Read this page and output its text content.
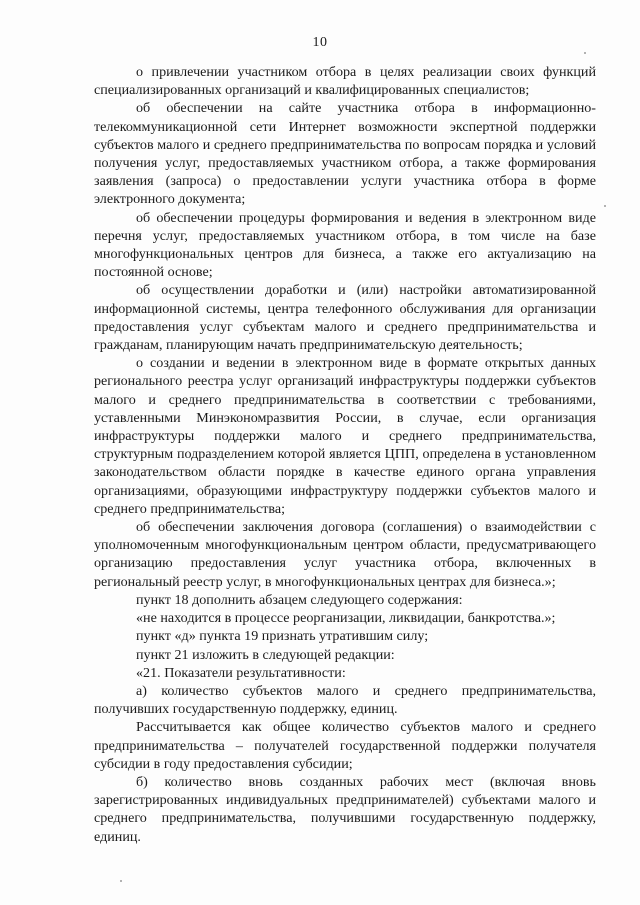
10

о привлечении участником отбора в целях реализации своих функций специализированных организаций и квалифицированных специалистов;

об обеспечении на сайте участника отбора в информационно-телекоммуникационной сети Интернет возможности экспертной поддержки субъектов малого и среднего предпринимательства по вопросам порядка и условий получения услуг, предоставляемых участником отбора, а также формирования заявления (запроса) о предоставлении услуги участника отбора в форме электронного документа;

об обеспечении процедуры формирования и ведения в электронном виде перечня услуг, предоставляемых участником отбора, в том числе на базе многофункциональных центров для бизнеса, а также его актуализацию на постоянной основе;

об осуществлении доработки и (или) настройки автоматизированной информационной системы, центра телефонного обслуживания для организации предоставления услуг субъектам малого и среднего предпринимательства и гражданам, планирующим начать предпринимательскую деятельность;

о создании и ведении в электронном виде в формате открытых данных регионального реестра услуг организаций инфраструктуры поддержки субъектов малого и среднего предпринимательства в соответствии с требованиями, уставленными Минэкономразвития России, в случае, если организация инфраструктуры поддержки малого и среднего предпринимательства, структурным подразделением которой является ЦПП, определена в установленном законодательством области порядке в качестве единого органа управления организациями, образующими инфраструктуру поддержки субъектов малого и среднего предпринимательства;

об обеспечении заключения договора (соглашения) о взаимодействии с уполномоченным многофункциональным центром области, предусматривающего организацию предоставления услуг участника отбора, включенных в региональный реестр услуг, в многофункциональных центрах для бизнеса.»;

пункт 18 дополнить абзацем следующего содержания:

«не находится в процессе реорганизации, ликвидации, банкротства.»;

пункт «д» пункта 19 признать утратившим силу;

пункт 21 изложить в следующей редакции:

«21. Показатели результативности:

а) количество субъектов малого и среднего предпринимательства, получивших государственную поддержку, единиц.

Рассчитывается как общее количество субъектов малого и среднего предпринимательства – получателей государственной поддержки получателя субсидии в году предоставления субсидии;

б) количество вновь созданных рабочих мест (включая вновь зарегистрированных индивидуальных предпринимателей) субъектами малого и среднего предпринимательства, получившими государственную поддержку, единиц.
